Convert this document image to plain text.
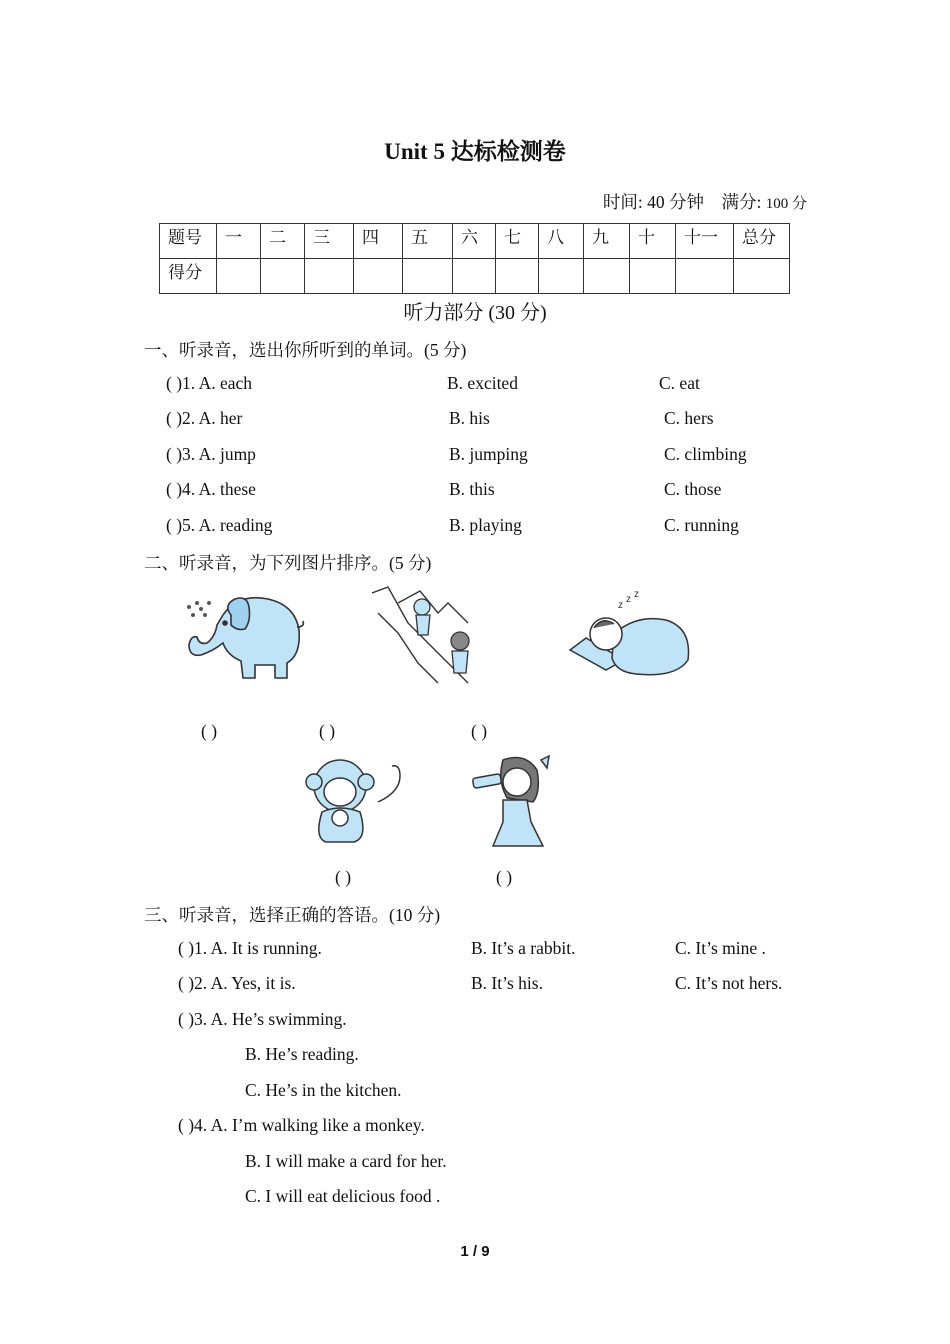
Unit 5 达标检测卷
时间: 40 分钟 满分: 100 分
题号	一	二	三	四	五	六	七	八	九	十	十一	总分
得分												
听力部分 (30 分)
一、听录音，选出你所听到的单词。(5 分)
( )1. A. each	B. excited	C. eat
( )2. A. her	B. his	C. hers
( )3. A. jump	B. jumping	C. climbing
( )4. A. these	B. this	C. those
( )5. A. reading	B. playing	C. running
二、听录音，为下列图片排序。(5 分)
z
z z
( )	( )	( )
( )	( )
三、听录音，选择正确的答语。(10 分)
( )1. A. It is running.	B. It’s a rabbit.	C. It’s mine .
( )2. A. Yes, it is.	B. It’s his.	C. It’s not hers.
( )3. A. He’s swimming.
B. He’s reading.
C. He’s in the kitchen.
( )4. A. I’m walking like a monkey.
B. I will make a card for her.
C. I will eat delicious food .
1 / 9
